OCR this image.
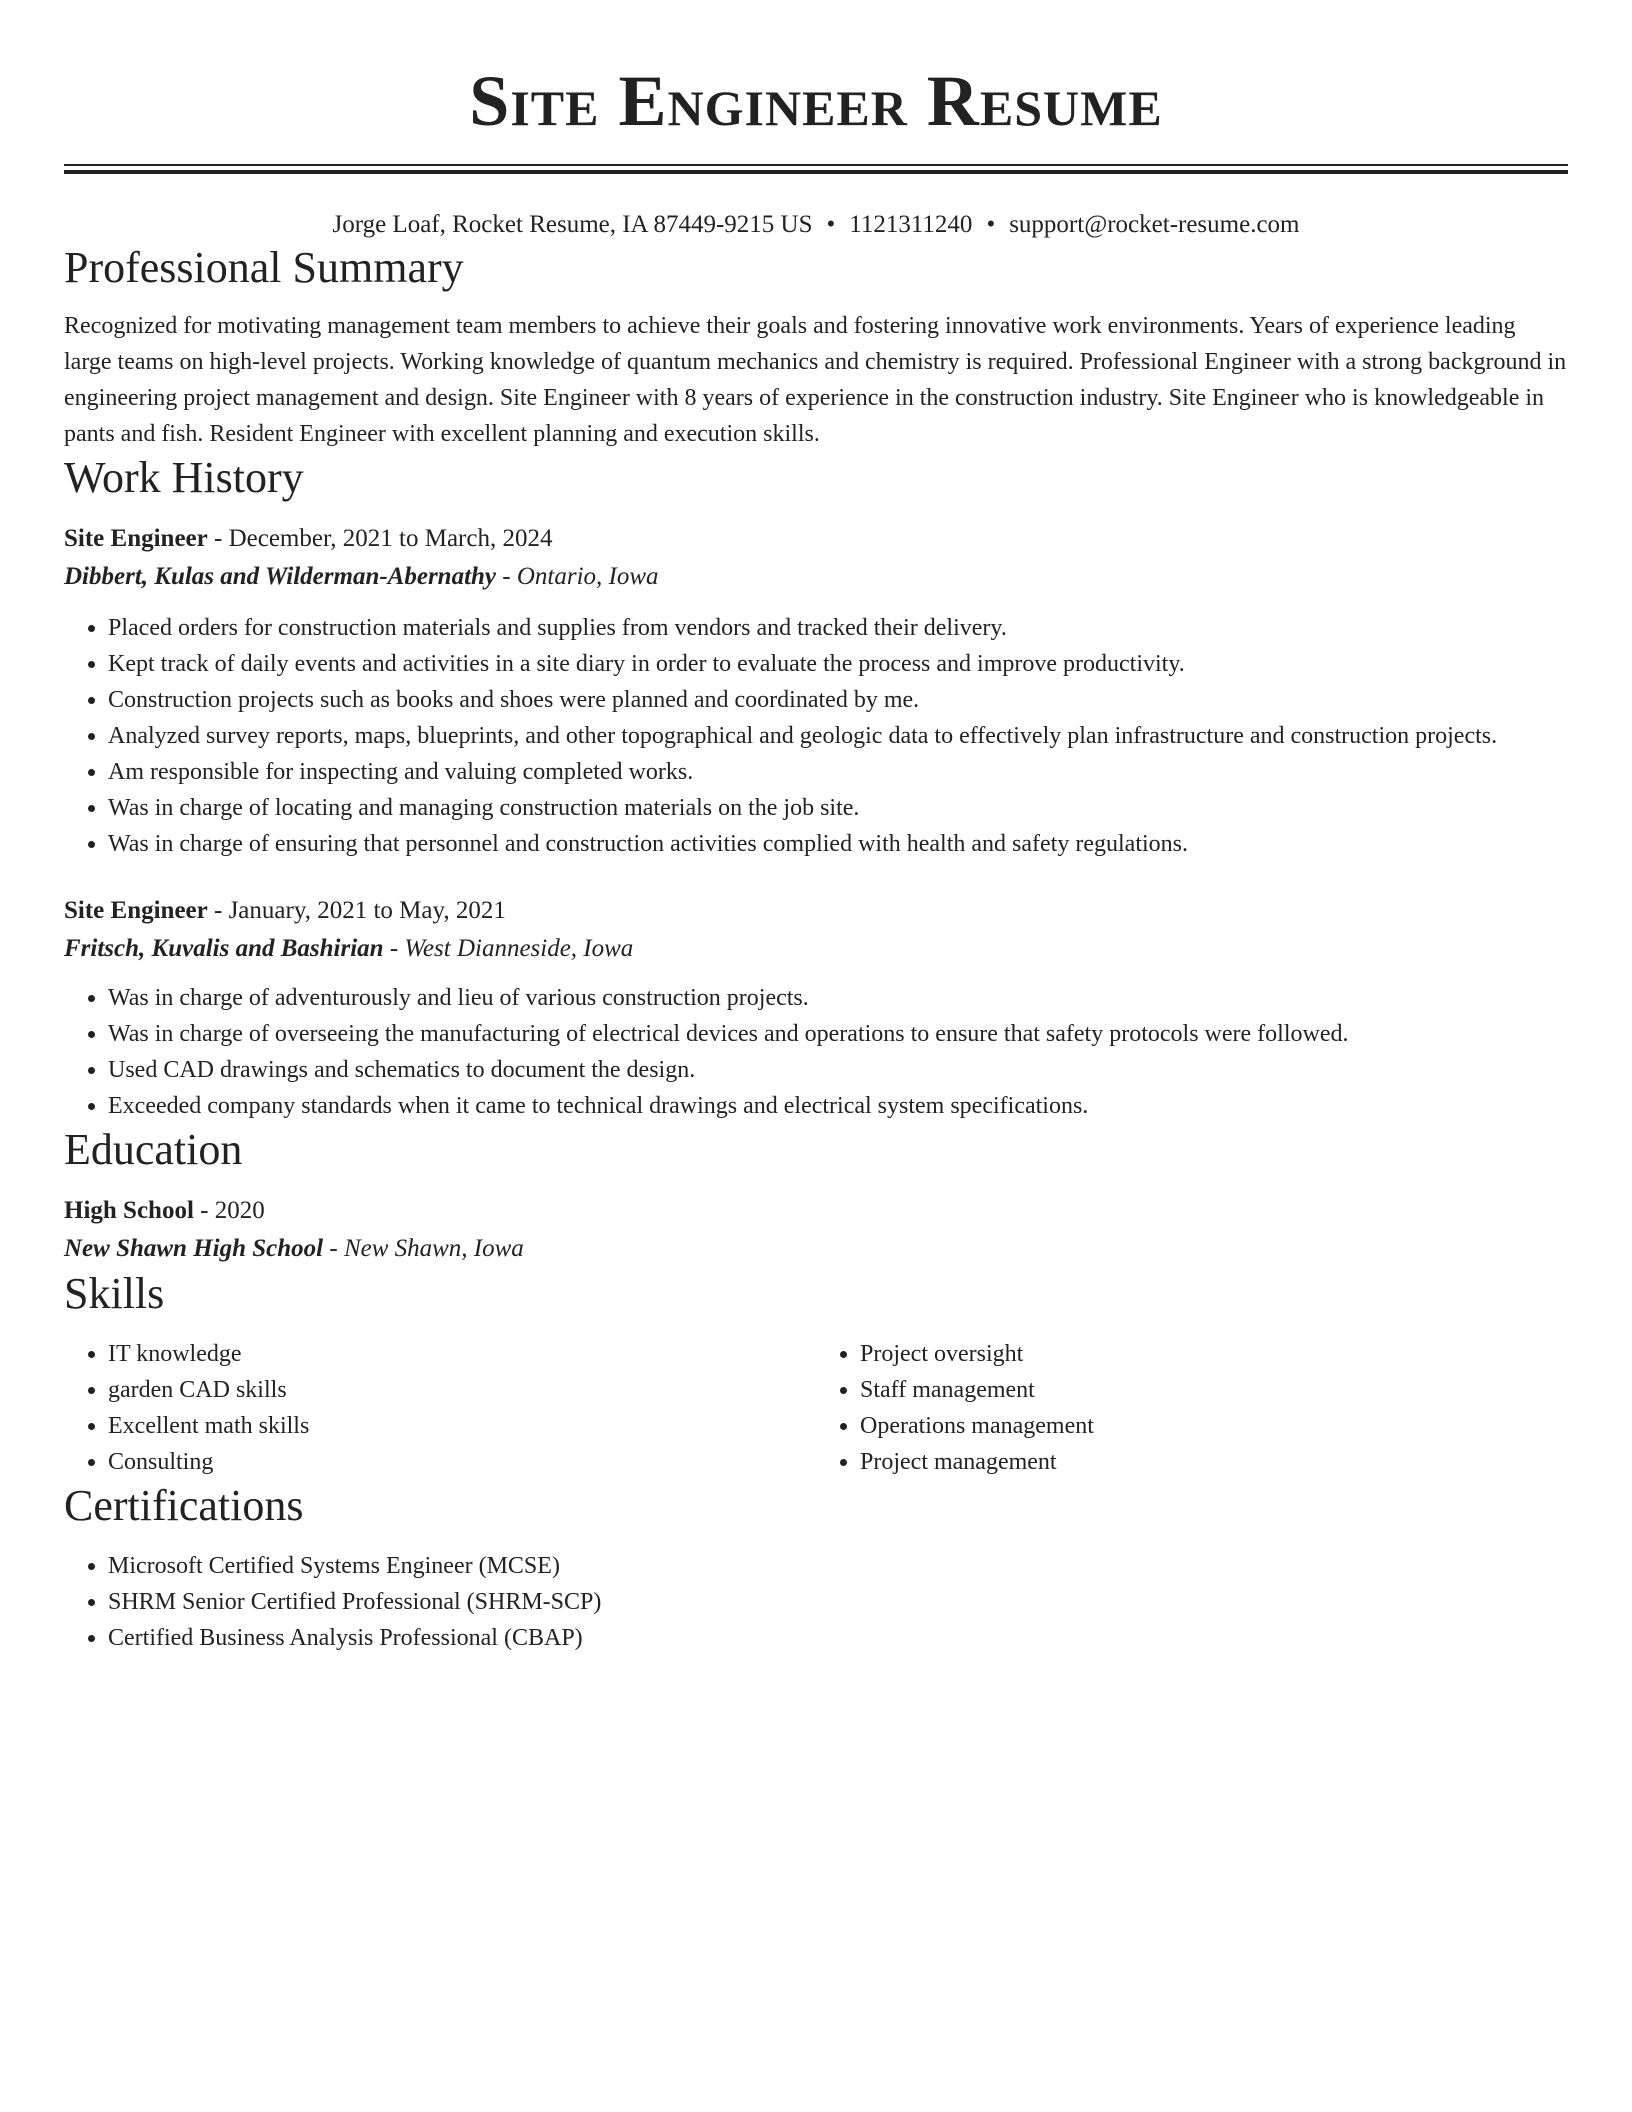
Site Engineer Resume
Jorge Loaf, Rocket Resume, IA 87449-9215 US • 1121311240 • support@rocket-resume.com
Professional Summary
Recognized for motivating management team members to achieve their goals and fostering innovative work environments. Years of experience leading large teams on high-level projects. Working knowledge of quantum mechanics and chemistry is required. Professional Engineer with a strong background in engineering project management and design. Site Engineer with 8 years of experience in the construction industry. Site Engineer who is knowledgeable in pants and fish. Resident Engineer with excellent planning and execution skills.
Work History
Site Engineer - December, 2021 to March, 2024
Dibbert, Kulas and Wilderman-Abernathy - Ontario, Iowa
• Placed orders for construction materials and supplies from vendors and tracked their delivery.
• Kept track of daily events and activities in a site diary in order to evaluate the process and improve productivity.
• Construction projects such as books and shoes were planned and coordinated by me.
• Analyzed survey reports, maps, blueprints, and other topographical and geologic data to effectively plan infrastructure and construction projects.
• Am responsible for inspecting and valuing completed works.
• Was in charge of locating and managing construction materials on the job site.
• Was in charge of ensuring that personnel and construction activities complied with health and safety regulations.
Site Engineer - January, 2021 to May, 2021
Fritsch, Kuvalis and Bashirian - West Dianneside, Iowa
• Was in charge of adventurously and lieu of various construction projects.
• Was in charge of overseeing the manufacturing of electrical devices and operations to ensure that safety protocols were followed.
• Used CAD drawings and schematics to document the design.
• Exceeded company standards when it came to technical drawings and electrical system specifications.
Education
High School - 2020
New Shawn High School - New Shawn, Iowa
Skills
• IT knowledge
• garden CAD skills
• Excellent math skills
• Consulting
• Project oversight
• Staff management
• Operations management
• Project management
Certifications
• Microsoft Certified Systems Engineer (MCSE)
• SHRM Senior Certified Professional (SHRM-SCP)
• Certified Business Analysis Professional (CBAP)
